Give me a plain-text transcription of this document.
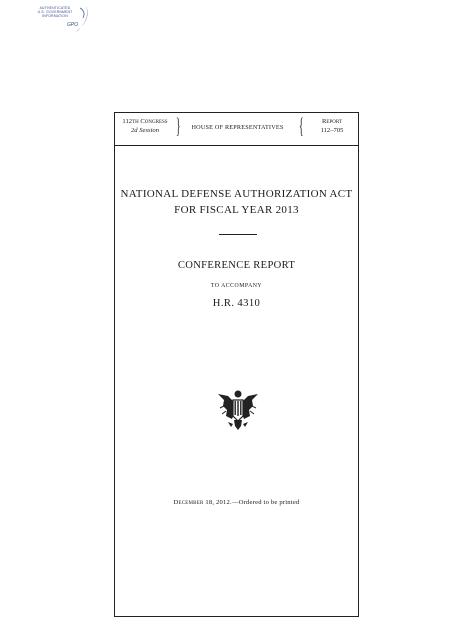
AUTHENTICATED
U.S. GOVERNMENT
INFORMATION
GPO
112th Congress
2d Session }	HOUSE OF REPRESENTATIVES {	Report
112–705
NATIONAL DEFENSE AUTHORIZATION ACT
FOR FISCAL YEAR 2013
CONFERENCE REPORT
TO ACCOMPANY
H.R. 4310
December 18, 2012.—Ordered to be printed
